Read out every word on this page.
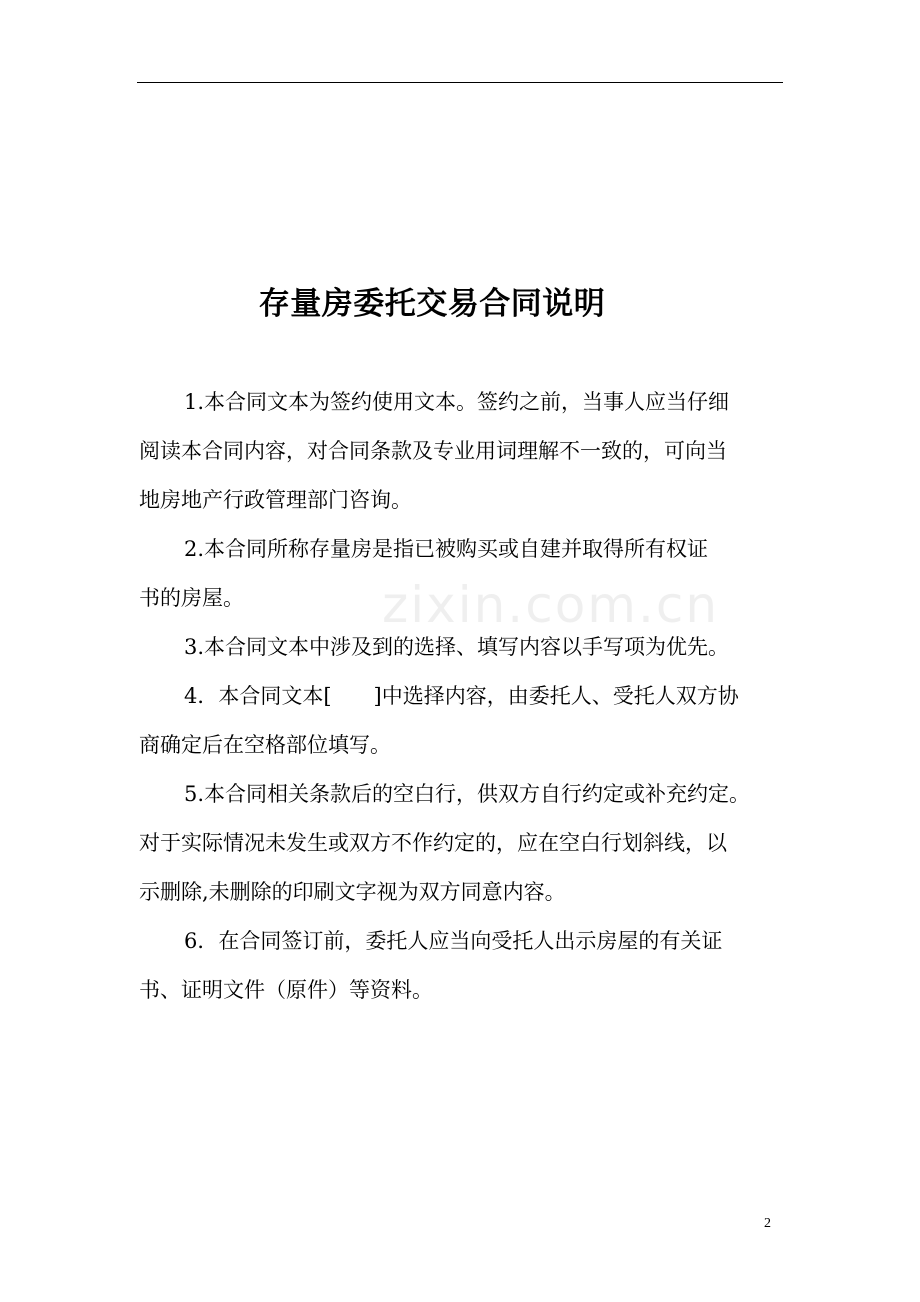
存量房委托交易合同说明
zixin.com.cn

1.本合同文本为签约使用文本。签约之前，当事人应当仔细
阅读本合同内容，对合同条款及专业用词理解不一致的，可向当
地房地产行政管理部门咨询。

2.本合同所称存量房是指已被购买或自建并取得所有权证
书的房屋。

3.本合同文本中涉及到的选择、填写内容以手写项为优先。

4．本合同文本[　　]中选择内容，由委托人、受托人双方协
商确定后在空格部位填写。

5.本合同相关条款后的空白行，供双方自行约定或补充约定。
对于实际情况未发生或双方不作约定的，应在空白行划斜线，以
示删除,未删除的印刷文字视为双方同意内容。

6．在合同签订前，委托人应当向受托人出示房屋的有关证
书、证明文件（原件）等资料。

2
